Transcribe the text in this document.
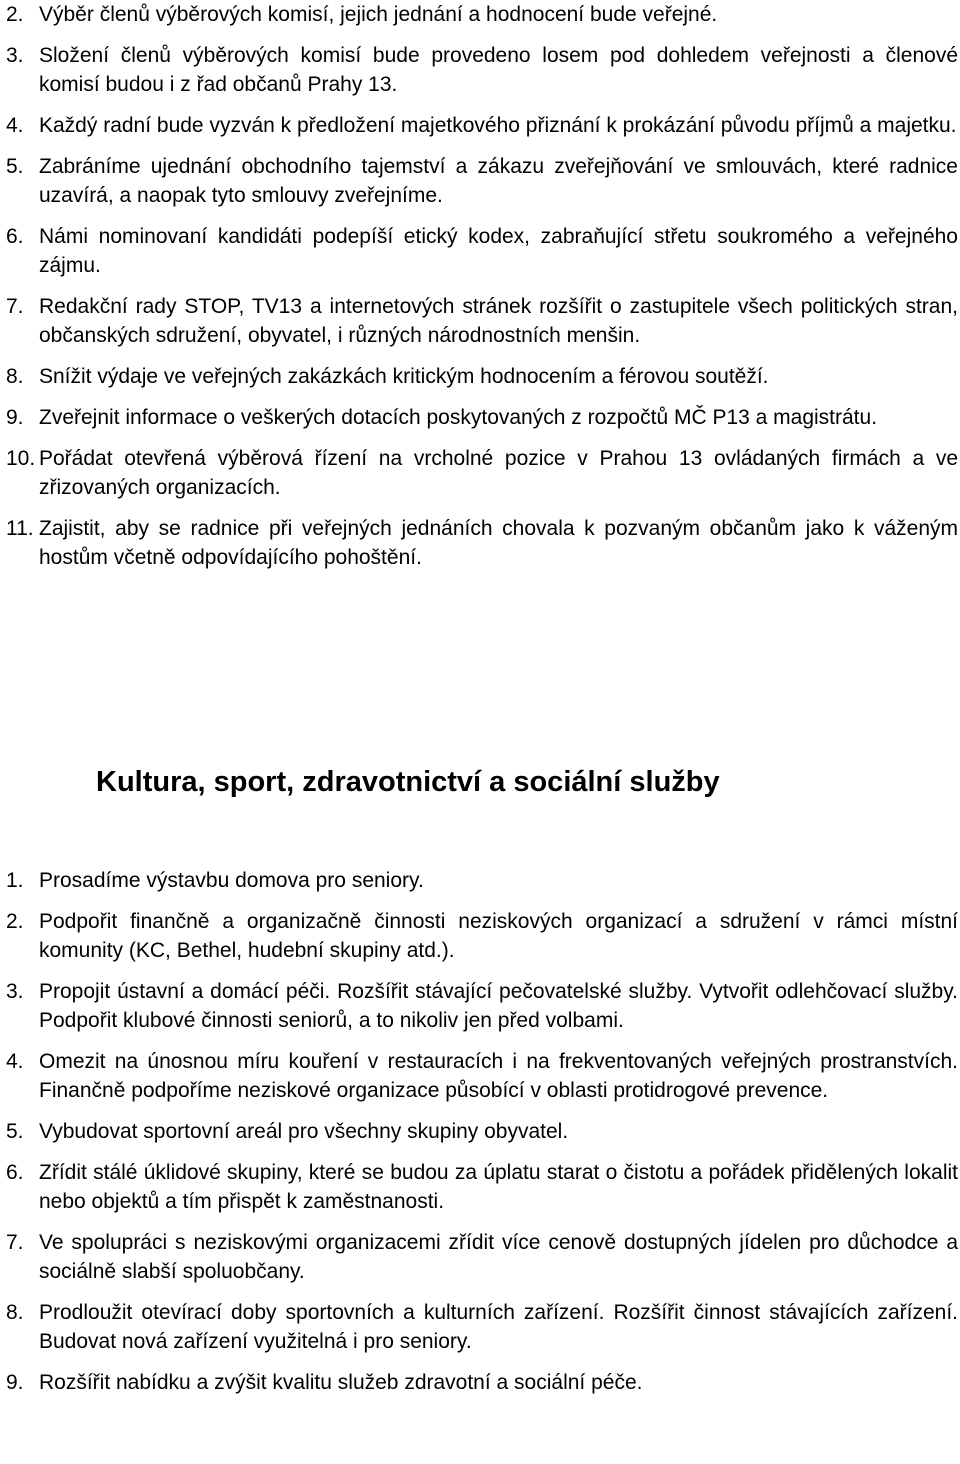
2. Výběr členů výběrových komisí, jejich jednání a hodnocení bude veřejné.
3. Složení členů výběrových komisí bude provedeno losem pod dohledem veřejnosti a členové komisí budou i z řad občanů Prahy 13.
4. Každý radní bude vyzván k předložení majetkového přiznání k prokázání původu příjmů a majetku.
5. Zabráníme ujednání obchodního tajemství a zákazu zveřejňování ve smlouvách, které radnice uzavírá, a naopak tyto smlouvy zveřejníme.
6. Námi nominovaní kandidáti podepíší etický kodex, zabraňující střetu soukromého a veřejného zájmu.
7. Redakční rady STOP, TV13 a internetových stránek rozšířit o zastupitele všech politických stran, občanských sdružení, obyvatel, i různých národnostních menšin.
8. Snížit výdaje ve veřejných zakázkách kritickým hodnocením a férovou soutěží.
9. Zveřejnit informace o veškerých dotacích poskytovaných z rozpočtů MČ P13 a magistrátu.
10. Pořádat otevřená výběrová řízení na vrcholné pozice v Prahou 13 ovládaných firmách a ve zřizovaných organizacích.
11. Zajistit, aby se radnice při veřejných jednáních chovala k pozvaným občanům jako k váženým hostům včetně odpovídajícího pohoštění.
Kultura, sport, zdravotnictví a sociální služby
1. Prosadíme výstavbu domova pro seniory.
2. Podpořit finančně a organizačně činnosti neziskových organizací a sdružení v rámci místní komunity (KC, Bethel, hudební skupiny atd.).
3. Propojit ústavní a domácí péči. Rozšířit stávající pečovatelské služby. Vytvořit odlehčovací služby. Podpořit klubové činnosti seniorů, a to nikoliv jen před volbami.
4. Omezit na únosnou míru kouření v restauracích i na frekventovaných veřejných prostranstvích. Finančně podpoříme neziskové organizace působící v oblasti protidrogové prevence.
5. Vybudovat sportovní areál pro všechny skupiny obyvatel.
6. Zřídit stálé úklidové skupiny, které se budou za úplatu starat o čistotu a pořádek přidělených lokalit nebo objektů a tím přispět k zaměstnanosti.
7. Ve spolupráci s neziskovými organizacemi zřídit více cenově dostupných jídelen pro důchodce a sociálně slabší spoluobčany.
8. Prodloužit otevírací doby sportovních a kulturních zařízení. Rozšířit činnost stávajících zařízení. Budovat nová zařízení využitelná i pro seniory.
9. Rozšířit nabídku a zvýšit kvalitu služeb zdravotní a sociální péče.
